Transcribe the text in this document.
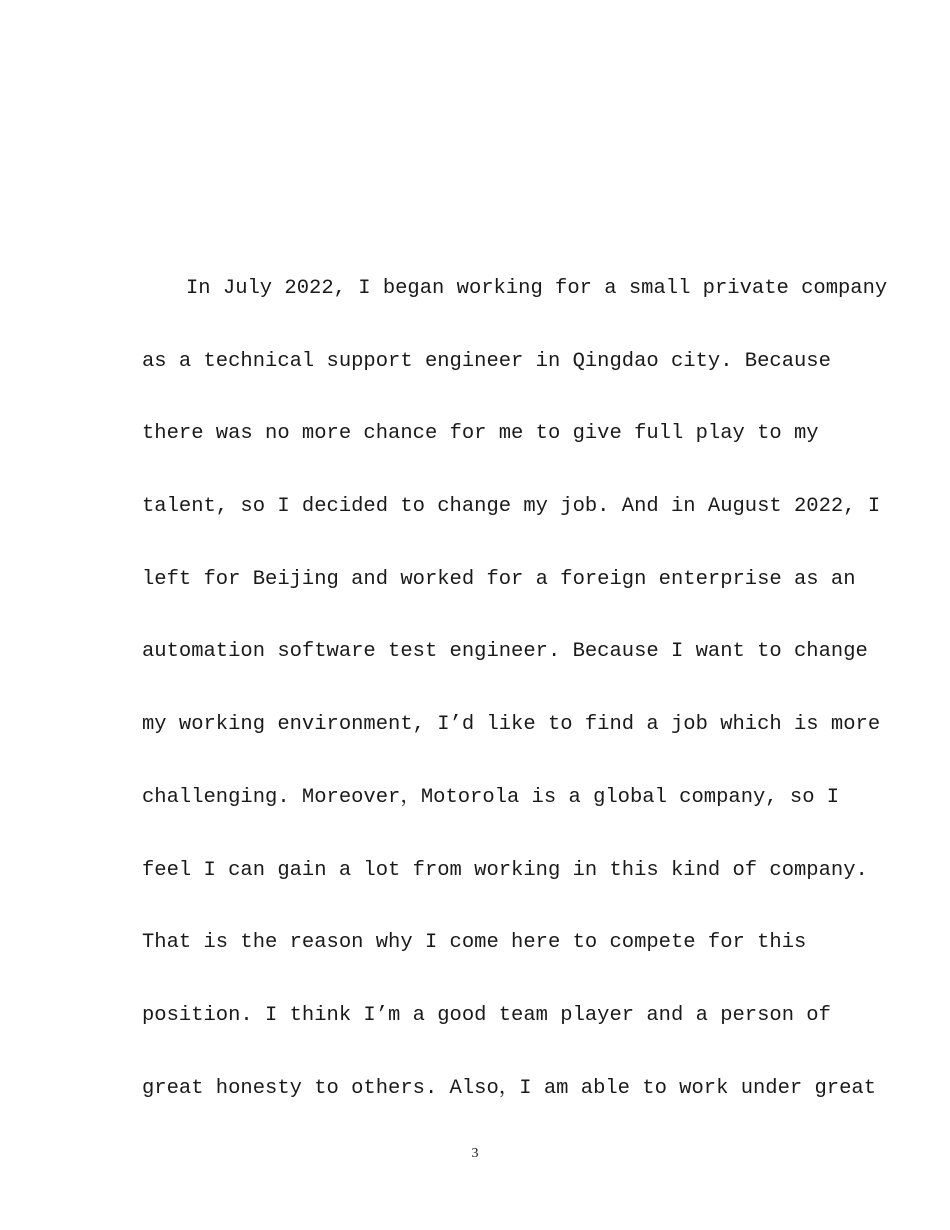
In July 2022, I began working for a small private company
as a technical support engineer in Qingdao city. Because
there was no more chance for me to give full play to my
talent, so I decided to change my job. And in August 2022, I
left for Beijing and worked for a foreign enterprise as an
automation software test engineer. Because I want to change
my working environment, I’d like to find a job which is more
challenging. Moreover，Motorola is a global company, so I
feel I can gain a lot from working in this kind of company.
That is the reason why I come here to compete for this
position. I think I’m a good team player and a person of
great honesty to others. Also，I am able to work under great
3
